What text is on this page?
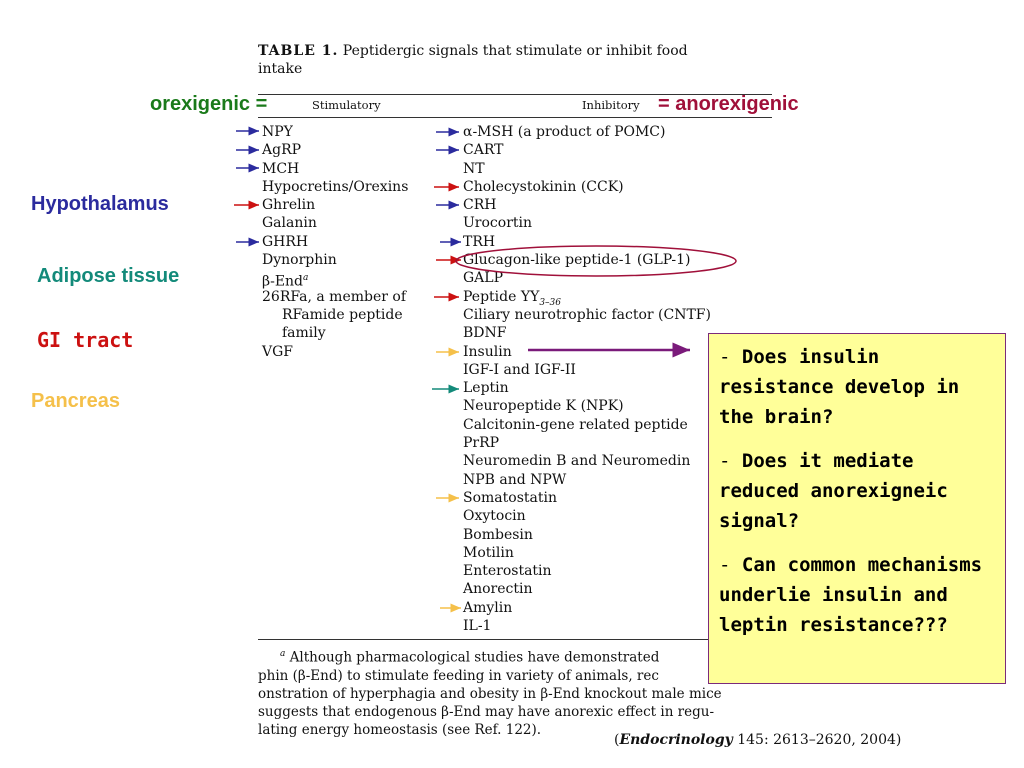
TABLE 1. Peptidergic signals that stimulate or inhibit food
intake
Stimulatory	Inhibitory
orexigenic =	= anorexigenic
Hypothalamus
Adipose tissue
GI tract
Pancreas
NPY
AgRP
MCH
Hypocretins/Orexins
Ghrelin
Galanin
GHRH
Dynorphin
β-End$^a$
26RFa, a member of
RFamide peptide
family
VGF
α-MSH (a product of POMC)
CART
NT
Cholecystokinin (CCK)
CRH
Urocortin
TRH
Glucagon-like peptide-1 (GLP-1)
GALP
Peptide $YY_{3-36}$
Ciliary neurotrophic factor (CNTF)
BDNF
Insulin
IGF-I and IGF-II
Leptin
Neuropeptide K (NPK)
Calcitonin-gene related peptide
PrRP
Neuromedin B and Neuromedin
NPB and NPW
Somatostatin
Oxytocin
Bombesin
Motilin
Enterostatin
Anorectin
Amylin
IL-1
$^a$ Although pharmacological studies have demonstrated
phin (β-End) to stimulate feeding in variety of animals, rec
onstration of hyperphagia and obesity in β-End knockout male mice
suggests that endogenous β-End may have anorexic effect in regu-
lating energy homeostasis (see Ref. 122).
(Endocrinology 145: 2613–2620, 2004)

- Does insulin resistance develop in the brain?

- Does it mediate reduced anorexigneic signal?

- Can common mechanisms underlie insulin and leptin resistance???
